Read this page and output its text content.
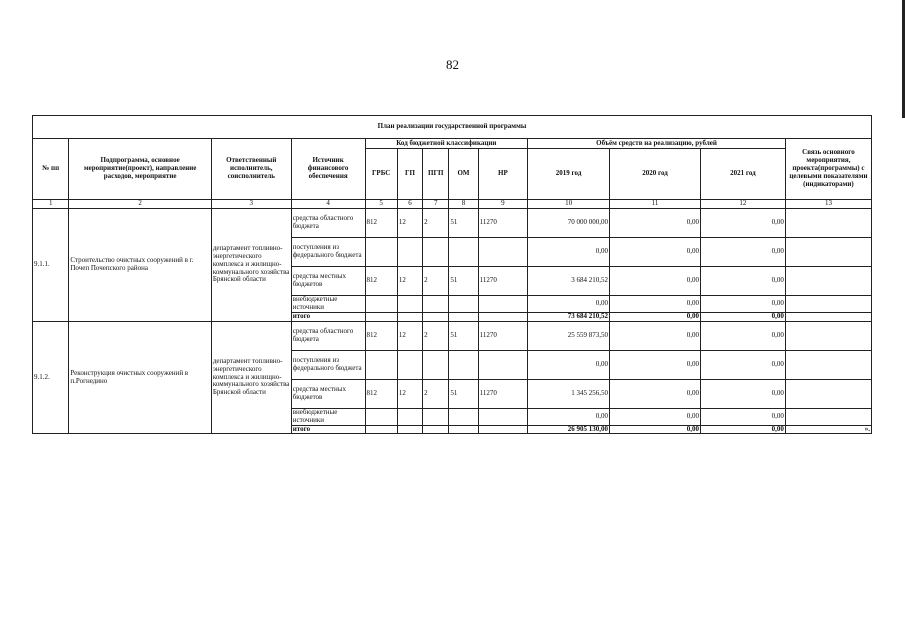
82
План реализации государственной программы												
№ пп	Подпрограмма, основное мероприятие(проект), направление расходов, мероприятие	Ответственный исполнитель, соисполнитель	Источник финансового обеспечения	Код бюджетной классификации					Объём средств на реализацию, рублей			Связь основного мероприятия, проекта(программы) с целевыми показателями (индикаторами)
				ГРБС	ГП	ПГП	ОМ	НР	2019 год	2020 год	2021 год	
1	2	3	4	5	6	7	8	9	10	11	12	13
9.1.1.	Строительство очистных сооружений в г. Почеп Почепского района	департамент топливно-энергетического комплекса и жилищно-коммунального хозяйства Брянской области	средства областного бюджета	812	12	2	51	11270	70 000 000,00	0,00	0,00	
			поступления из федерального бюджета						0,00	0,00	0,00	
			средства местных бюджетов	812	12	2	51	11270	3 684 210,52	0,00	0,00	
			внебюджетные источники						0,00	0,00	0,00	
			итого						73 684 210,52	0,00	0,00	
9.1.2.	Реконструкция очистных сооружений в п.Рогнедино	департамент топливно-энергетического комплекса и жилищно-коммунального хозяйства Брянской области	средства областного бюджета	812	12	2	51	11270	25 559 873,50	0,00	0,00	
			поступления из федерального бюджета						0,00	0,00	0,00	
			средства местных бюджетов	812	12	2	51	11270	1 345 256,50	0,00	0,00	
			внебюджетные источники						0,00	0,00	0,00	
			итого						26 905 130,00	0,00	0,00	».
